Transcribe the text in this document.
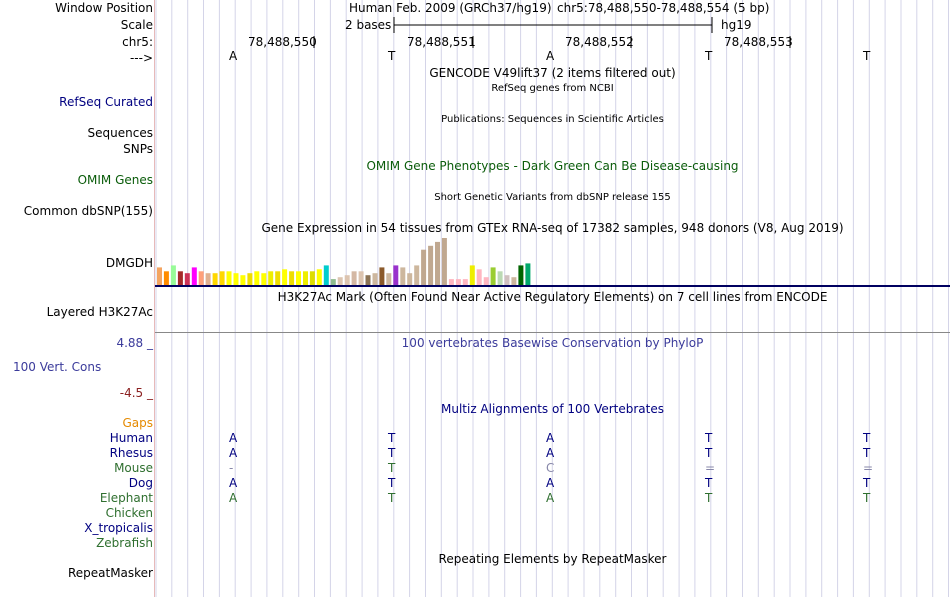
Window Position	Human Feb. 2009 (GRCh37/hg19) chr5:78,488,550-78,488,554 (5 bp)
Scale	2 bases	hg19
chr5:	78,488,550	78,488,551	78,488,552	78,488,553
--->	A	T	A	T	T
GENCODE V49lift37 (2 items filtered out)
RefSeq genes from NCBI
RefSeq Curated
Publications: Sequences in Scientific Articles
Sequences
SNPs
OMIM Gene Phenotypes - Dark Green Can Be Disease-causing
OMIM Genes
Short Genetic Variants from dbSNP release 155
Common dbSNP(155)
Gene Expression in 54 tissues from GTEx RNA-seq of 17382 samples, 948 donors (V8, Aug 2019)
DMGDH
H3K27Ac Mark (Often Found Near Active Regulatory Elements) on 7 cell lines from ENCODE
Layered H3K27Ac
4.88 _	100 vertebrates Basewise Conservation by PhyloP
100 Vert. Cons
-4.5 _
Multiz Alignments of 100 Vertebrates
Gaps
Human	A	T	A	T	T
Rhesus	A	T	A	T	T
Mouse	-	T	C	=	=
Dog	A	T	A	T	T
Elephant	A	T	A	T	T
Chicken
X_tropicalis
Zebrafish
Repeating Elements by RepeatMasker
RepeatMasker
